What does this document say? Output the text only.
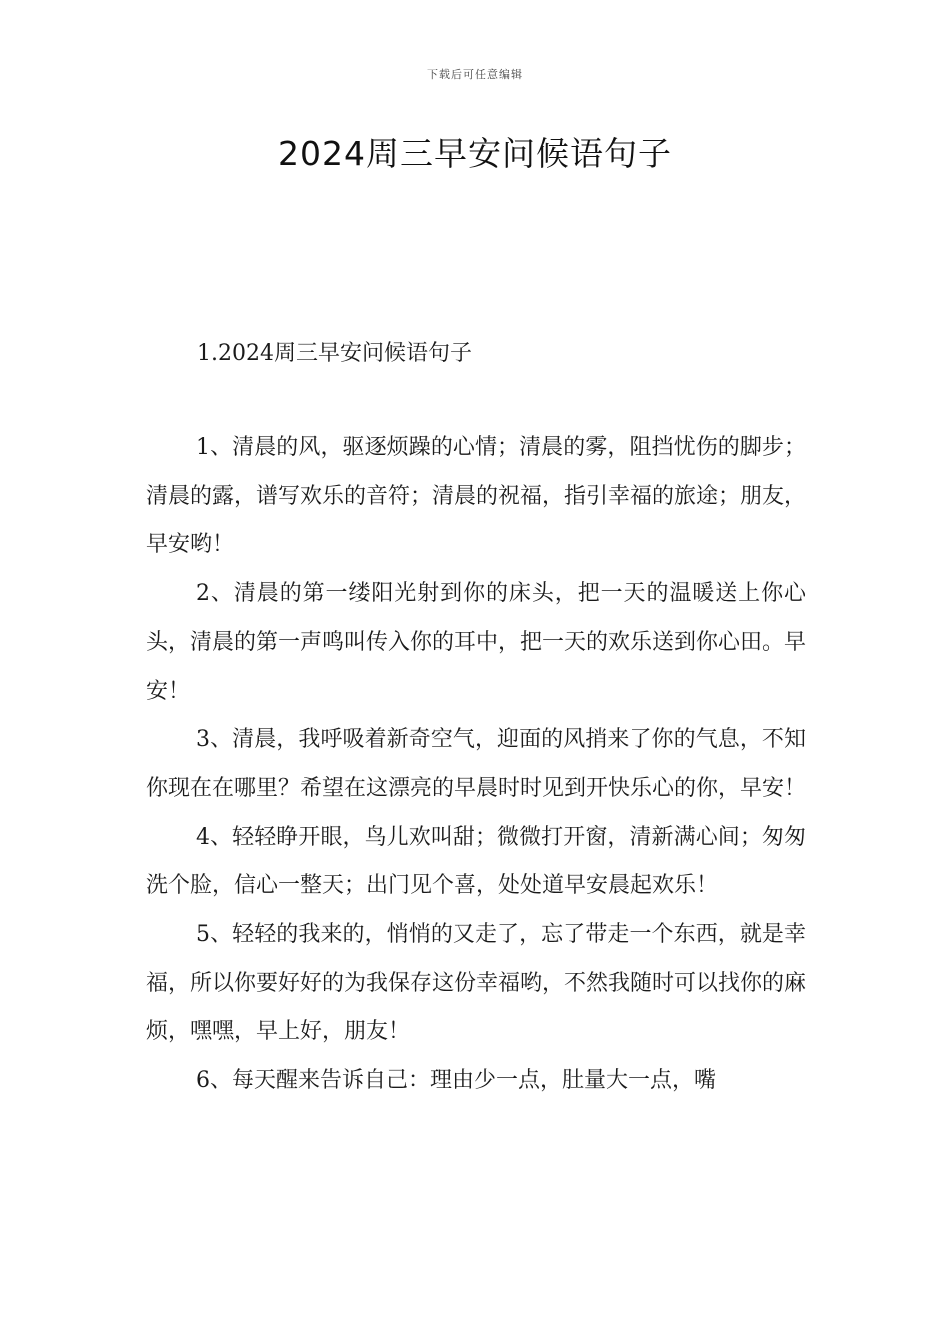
下载后可任意编辑
2024周三早安问候语句子
1.2024周三早安问候语句子

1、清晨的风，驱逐烦躁的心情；清晨的雾，阻挡忧伤的脚步；清晨的露，谱写欢乐的音符；清晨的祝福，指引幸福的旅途；朋友，早安哟！

2、清晨的第一缕阳光射到你的床头，把一天的温暖送上你心头，清晨的第一声鸣叫传入你的耳中，把一天的欢乐送到你心田。早安！

3、清晨，我呼吸着新奇空气，迎面的风捎来了你的气息，不知你现在在哪里？希望在这漂亮的早晨时时见到开快乐心的你，早安！

4、轻轻睁开眼，鸟儿欢叫甜；微微打开窗，清新满心间；匆匆洗个脸，信心一整天；出门见个喜，处处道早安晨起欢乐！

5、轻轻的我来的，悄悄的又走了，忘了带走一个东西，就是幸福，所以你要好好的为我保存这份幸福哟，不然我随时可以找你的麻烦，嘿嘿，早上好，朋友！

6、每天醒来告诉自己：理由少一点，肚量大一点，嘴
